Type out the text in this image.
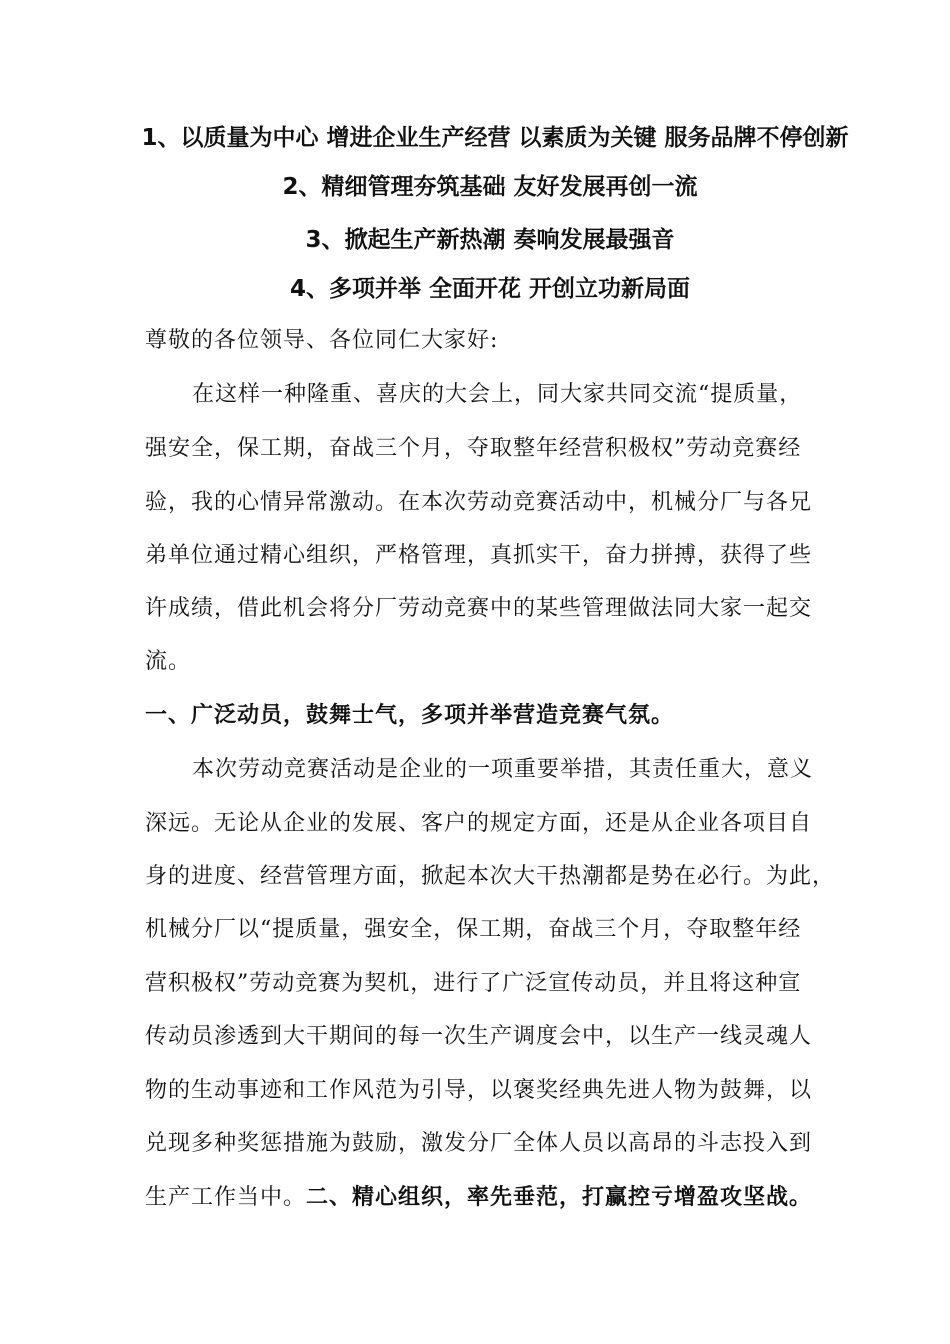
1、以质量为中心 增进企业生产经营 以素质为关键 服务品牌不停创新
2、精细管理夯筑基础 友好发展再创一流
3、掀起生产新热潮 奏响发展最强音
4、多项并举 全面开花 开创立功新局面
尊敬的各位领导、各位同仁大家好:
在这样一种隆重、喜庆的大会上，同大家共同交流“提质量，
强安全，保工期，奋战三个月，夺取整年经营积极权”劳动竞赛经
验，我的心情异常激动。在本次劳动竞赛活动中，机械分厂与各兄
弟单位通过精心组织，严格管理，真抓实干，奋力拼搏，获得了些
许成绩，借此机会将分厂劳动竞赛中的某些管理做法同大家一起交
流。
一、广泛动员，鼓舞士气，多项并举营造竞赛气氛。
本次劳动竞赛活动是企业的一项重要举措，其责任重大，意义
深远。无论从企业的发展、客户的规定方面，还是从企业各项目自
身的进度、经营管理方面，掀起本次大干热潮都是势在必行。为此，
机械分厂以“提质量，强安全，保工期，奋战三个月，夺取整年经
营积极权”劳动竞赛为契机，进行了广泛宣传动员，并且将这种宣
传动员渗透到大干期间的每一次生产调度会中，以生产一线灵魂人
物的生动事迹和工作风范为引导，以褒奖经典先进人物为鼓舞，以
兑现多种奖惩措施为鼓励，激发分厂全体人员以高昂的斗志投入到
生产工作当中。二、精心组织，率先垂范，打赢控亏增盈攻坚战。
